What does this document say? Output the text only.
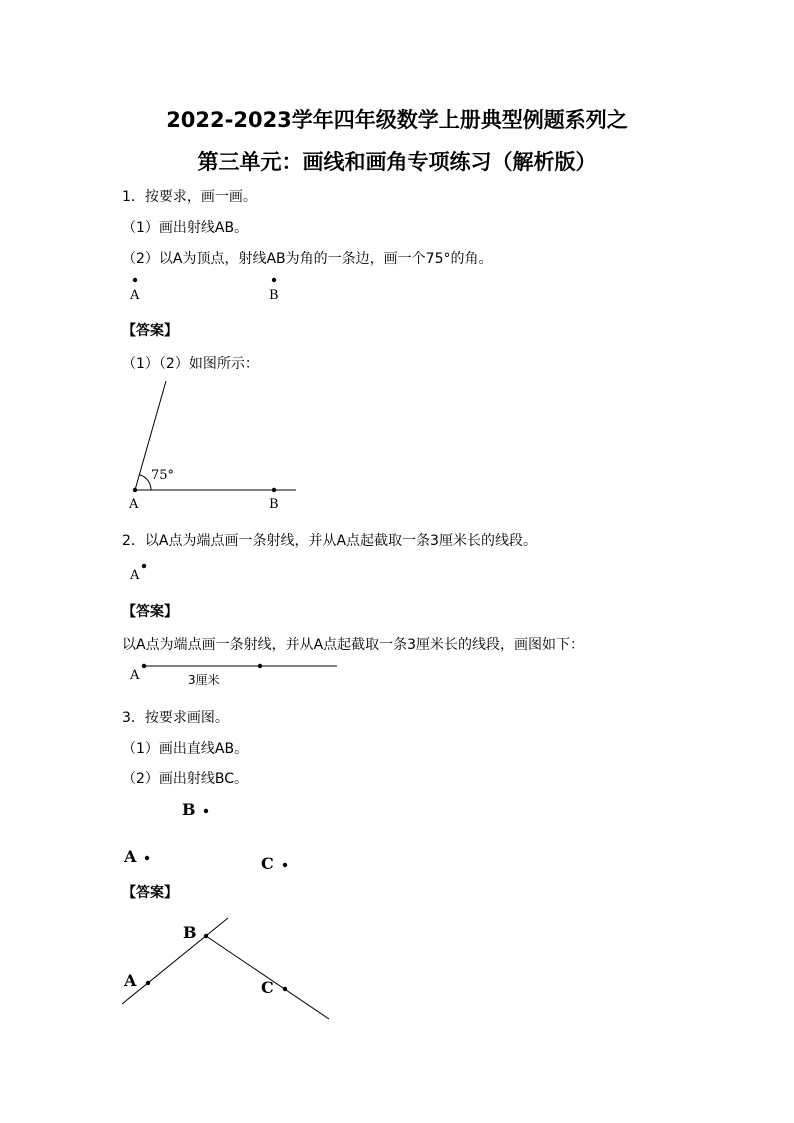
2022-2023学年四年级数学上册典型例题系列之
第三单元：画线和画角专项练习（解析版）
1．按要求，画一画。
（1）画出射线AB。
（2）以A为顶点，射线AB为角的一条边，画一个75°的角。
A	B
75°
A	B
A
A	3厘米
B
A	C
B
A	C
【答案】
（1）（2）如图所示：
2．以A点为端点画一条射线，并从A点起截取一条3厘米长的线段。
【答案】
以A点为端点画一条射线，并从A点起截取一条3厘米长的线段，画图如下：
3．按要求画图。
（1）画出直线AB。
（2）画出射线BC。
【答案】
